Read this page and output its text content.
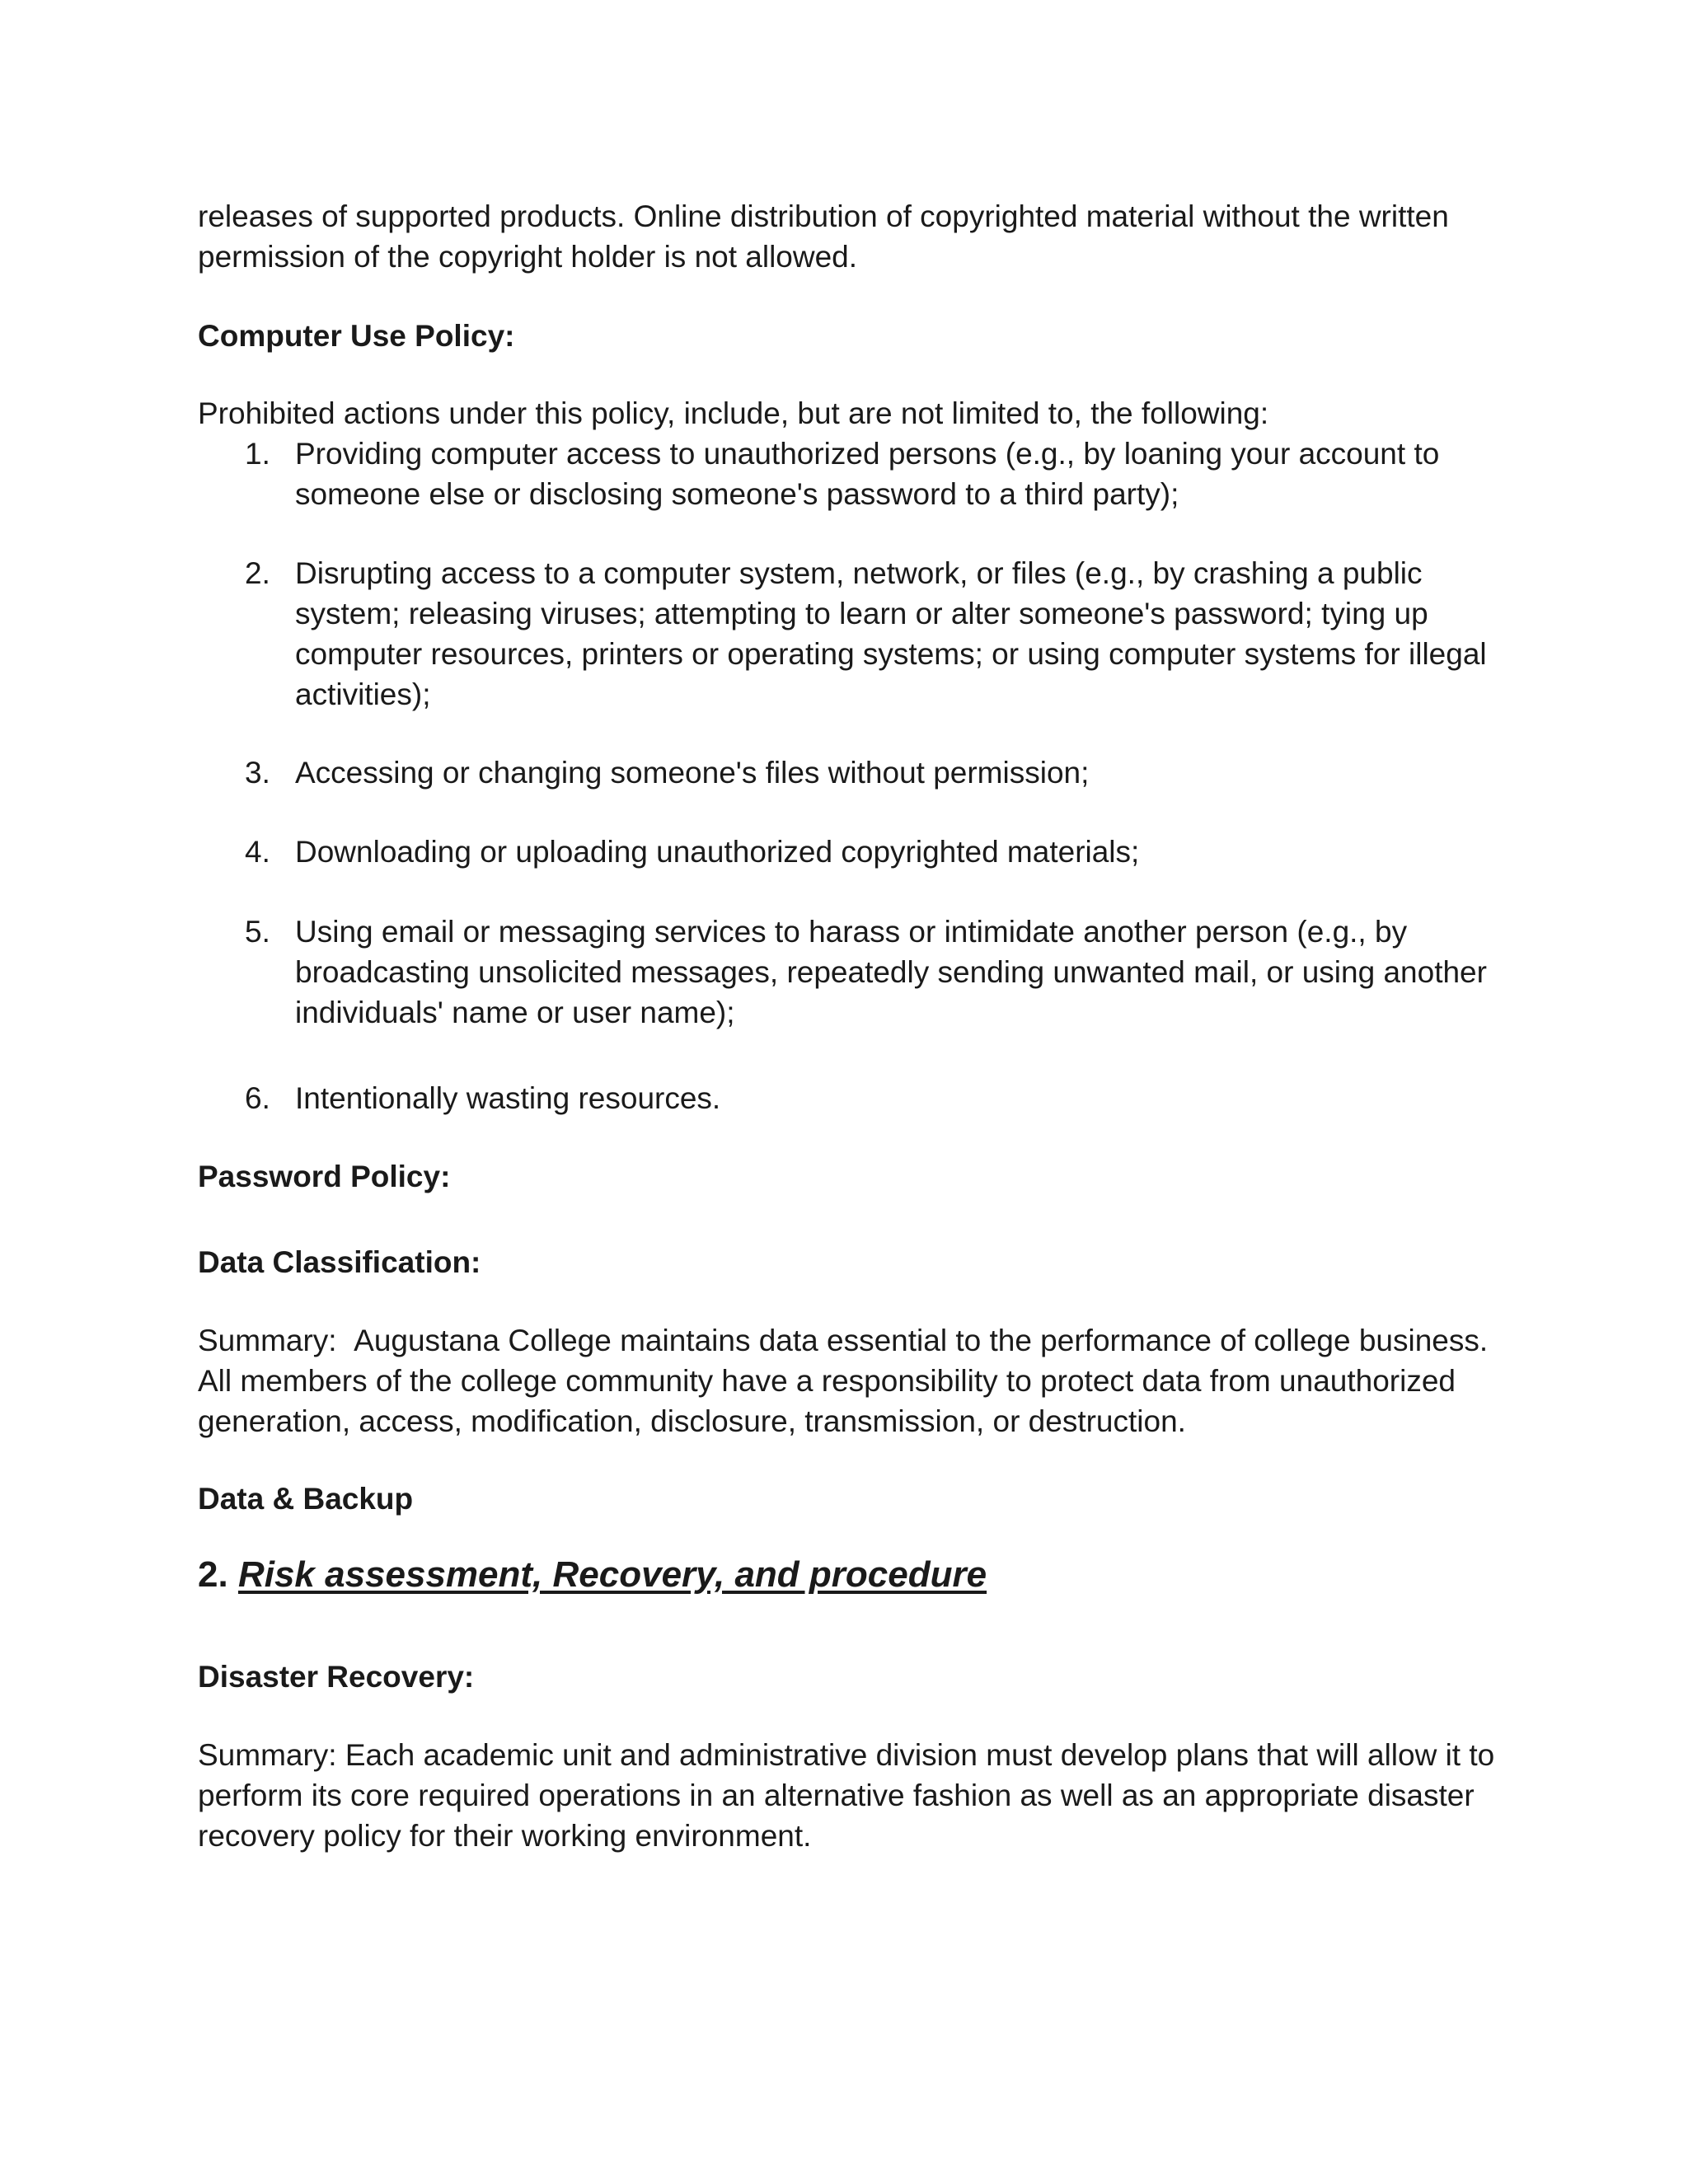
releases of supported products. Online distribution of copyrighted material without the written permission of the copyright holder is not allowed.

Computer Use Policy:

Prohibited actions under this policy, include, but are not limited to, the following:

1. Providing computer access to unauthorized persons (e.g., by loaning your account to someone else or disclosing someone's password to a third party);
2. Disrupting access to a computer system, network, or files (e.g., by crashing a public system; releasing viruses; attempting to learn or alter someone's password; tying up computer resources, printers or operating systems; or using computer systems for illegal activities);
3. Accessing or changing someone's files without permission;
4. Downloading or uploading unauthorized copyrighted materials;
5. Using email or messaging services to harass or intimidate another person (e.g., by broadcasting unsolicited messages, repeatedly sending unwanted mail, or using another individuals' name or user name);
6. Intentionally wasting resources.

Password Policy:

Data Classification:

Summary: Augustana College maintains data essential to the performance of college business. All members of the college community have a responsibility to protect data from unauthorized generation, access, modification, disclosure, transmission, or destruction.

Data & Backup

2. Risk assessment, Recovery, and procedure

Disaster Recovery:

Summary: Each academic unit and administrative division must develop plans that will allow it to perform its core required operations in an alternative fashion as well as an appropriate disaster recovery policy for their working environment.
